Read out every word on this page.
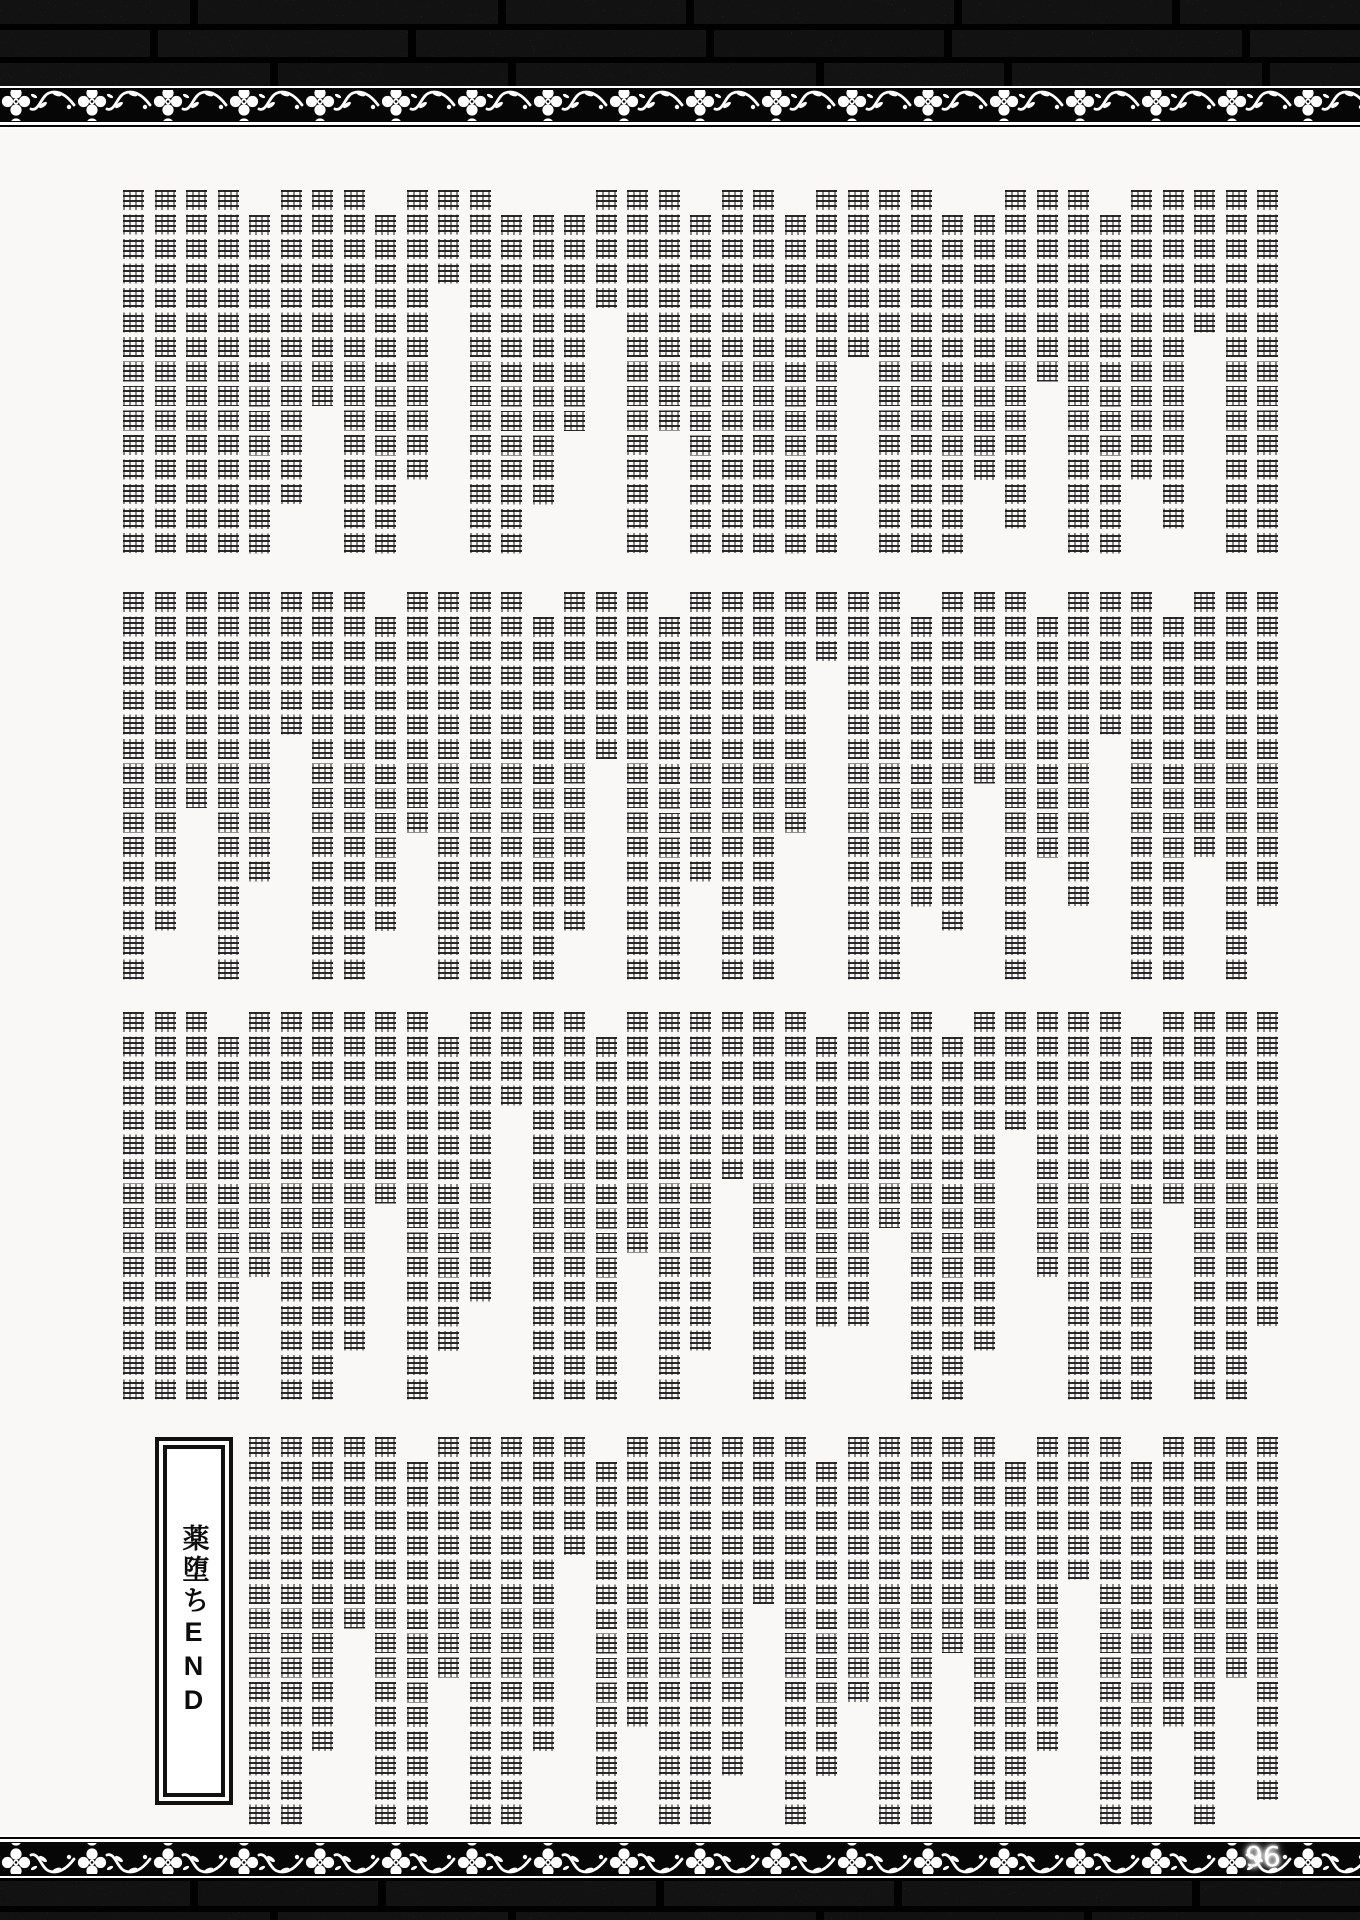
薬堕ちEND
96
